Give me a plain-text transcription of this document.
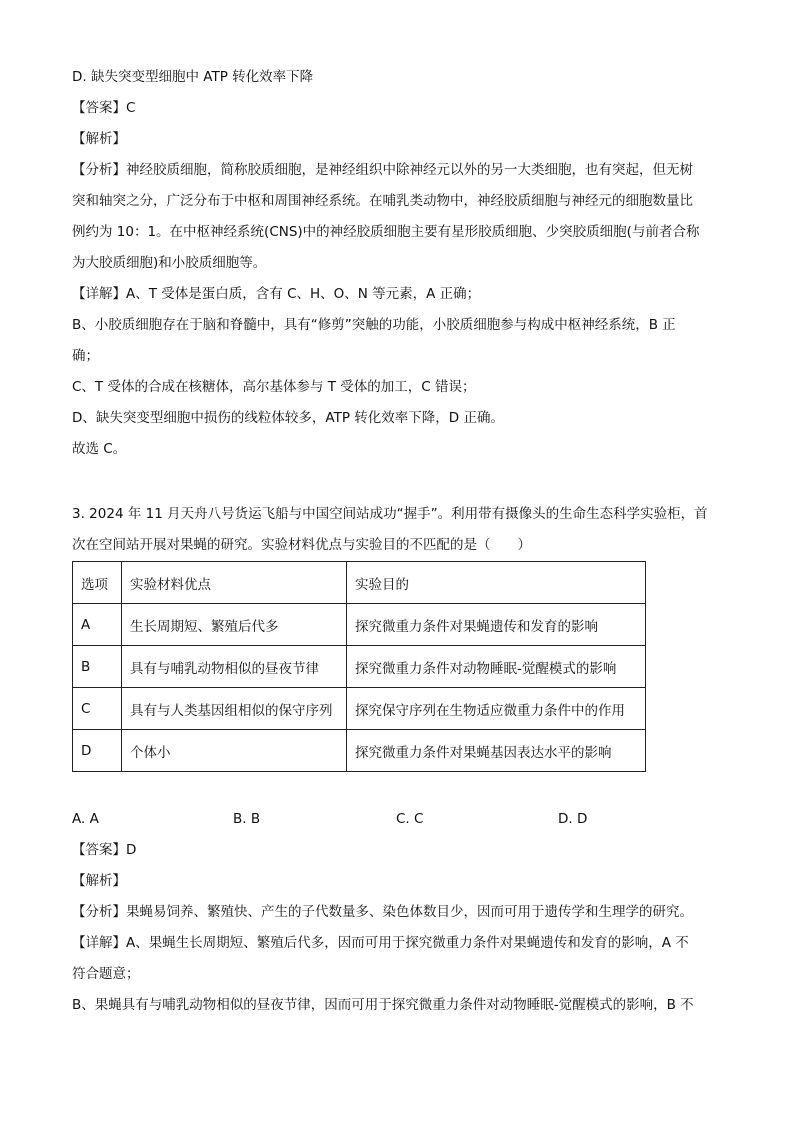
D. 缺失突变型细胞中 ATP 转化效率下降
【答案】C
【解析】
【分析】神经胶质细胞，简称胶质细胞，是神经组织中除神经元以外的另一大类细胞，也有突起，但无树
突和轴突之分，广泛分布于中枢和周围神经系统。在哺乳类动物中，神经胶质细胞与神经元的细胞数量比
例约为 10：1。在中枢神经系统(CNS)中的神经胶质细胞主要有星形胶质细胞、少突胶质细胞(与前者合称
为大胶质细胞)和小胶质细胞等。
【详解】A、T 受体是蛋白质，含有 C、H、O、N 等元素，A 正确；
B、小胶质细胞存在于脑和脊髓中，具有“修剪”突触的功能，小胶质细胞参与构成中枢神经系统，B 正
确；
C、T 受体的合成在核糖体，高尔基体参与 T 受体的加工，C 错误；
D、缺失突变型细胞中损伤的线粒体较多，ATP 转化效率下降，D 正确。
故选 C。
3. 2024 年 11 月天舟八号货运飞船与中国空间站成功“握手”。利用带有摄像头的生命生态科学实验柜，首
次在空间站开展对果蝇的研究。实验材料优点与实验目的不匹配的是（　　）
选项	实验材料优点	实验目的
A	生长周期短、繁殖后代多	探究微重力条件对果蝇遗传和发育的影响
B	具有与哺乳动物相似的昼夜节律	探究微重力条件对动物睡眠-觉醒模式的影响
C	具有与人类基因组相似的保守序列	探究保守序列在生物适应微重力条件中的作用
D	个体小	探究微重力条件对果蝇基因表达水平的影响
A. A	B. B	C. C	D. D
【答案】D
【解析】
【分析】果蝇易饲养、繁殖快、产生的子代数量多、染色体数目少，因而可用于遗传学和生理学的研究。
【详解】A、果蝇生长周期短、繁殖后代多，因而可用于探究微重力条件对果蝇遗传和发育的影响，A 不
符合题意；
B、果蝇具有与哺乳动物相似的昼夜节律，因而可用于探究微重力条件对动物睡眠-觉醒模式的影响，B 不
